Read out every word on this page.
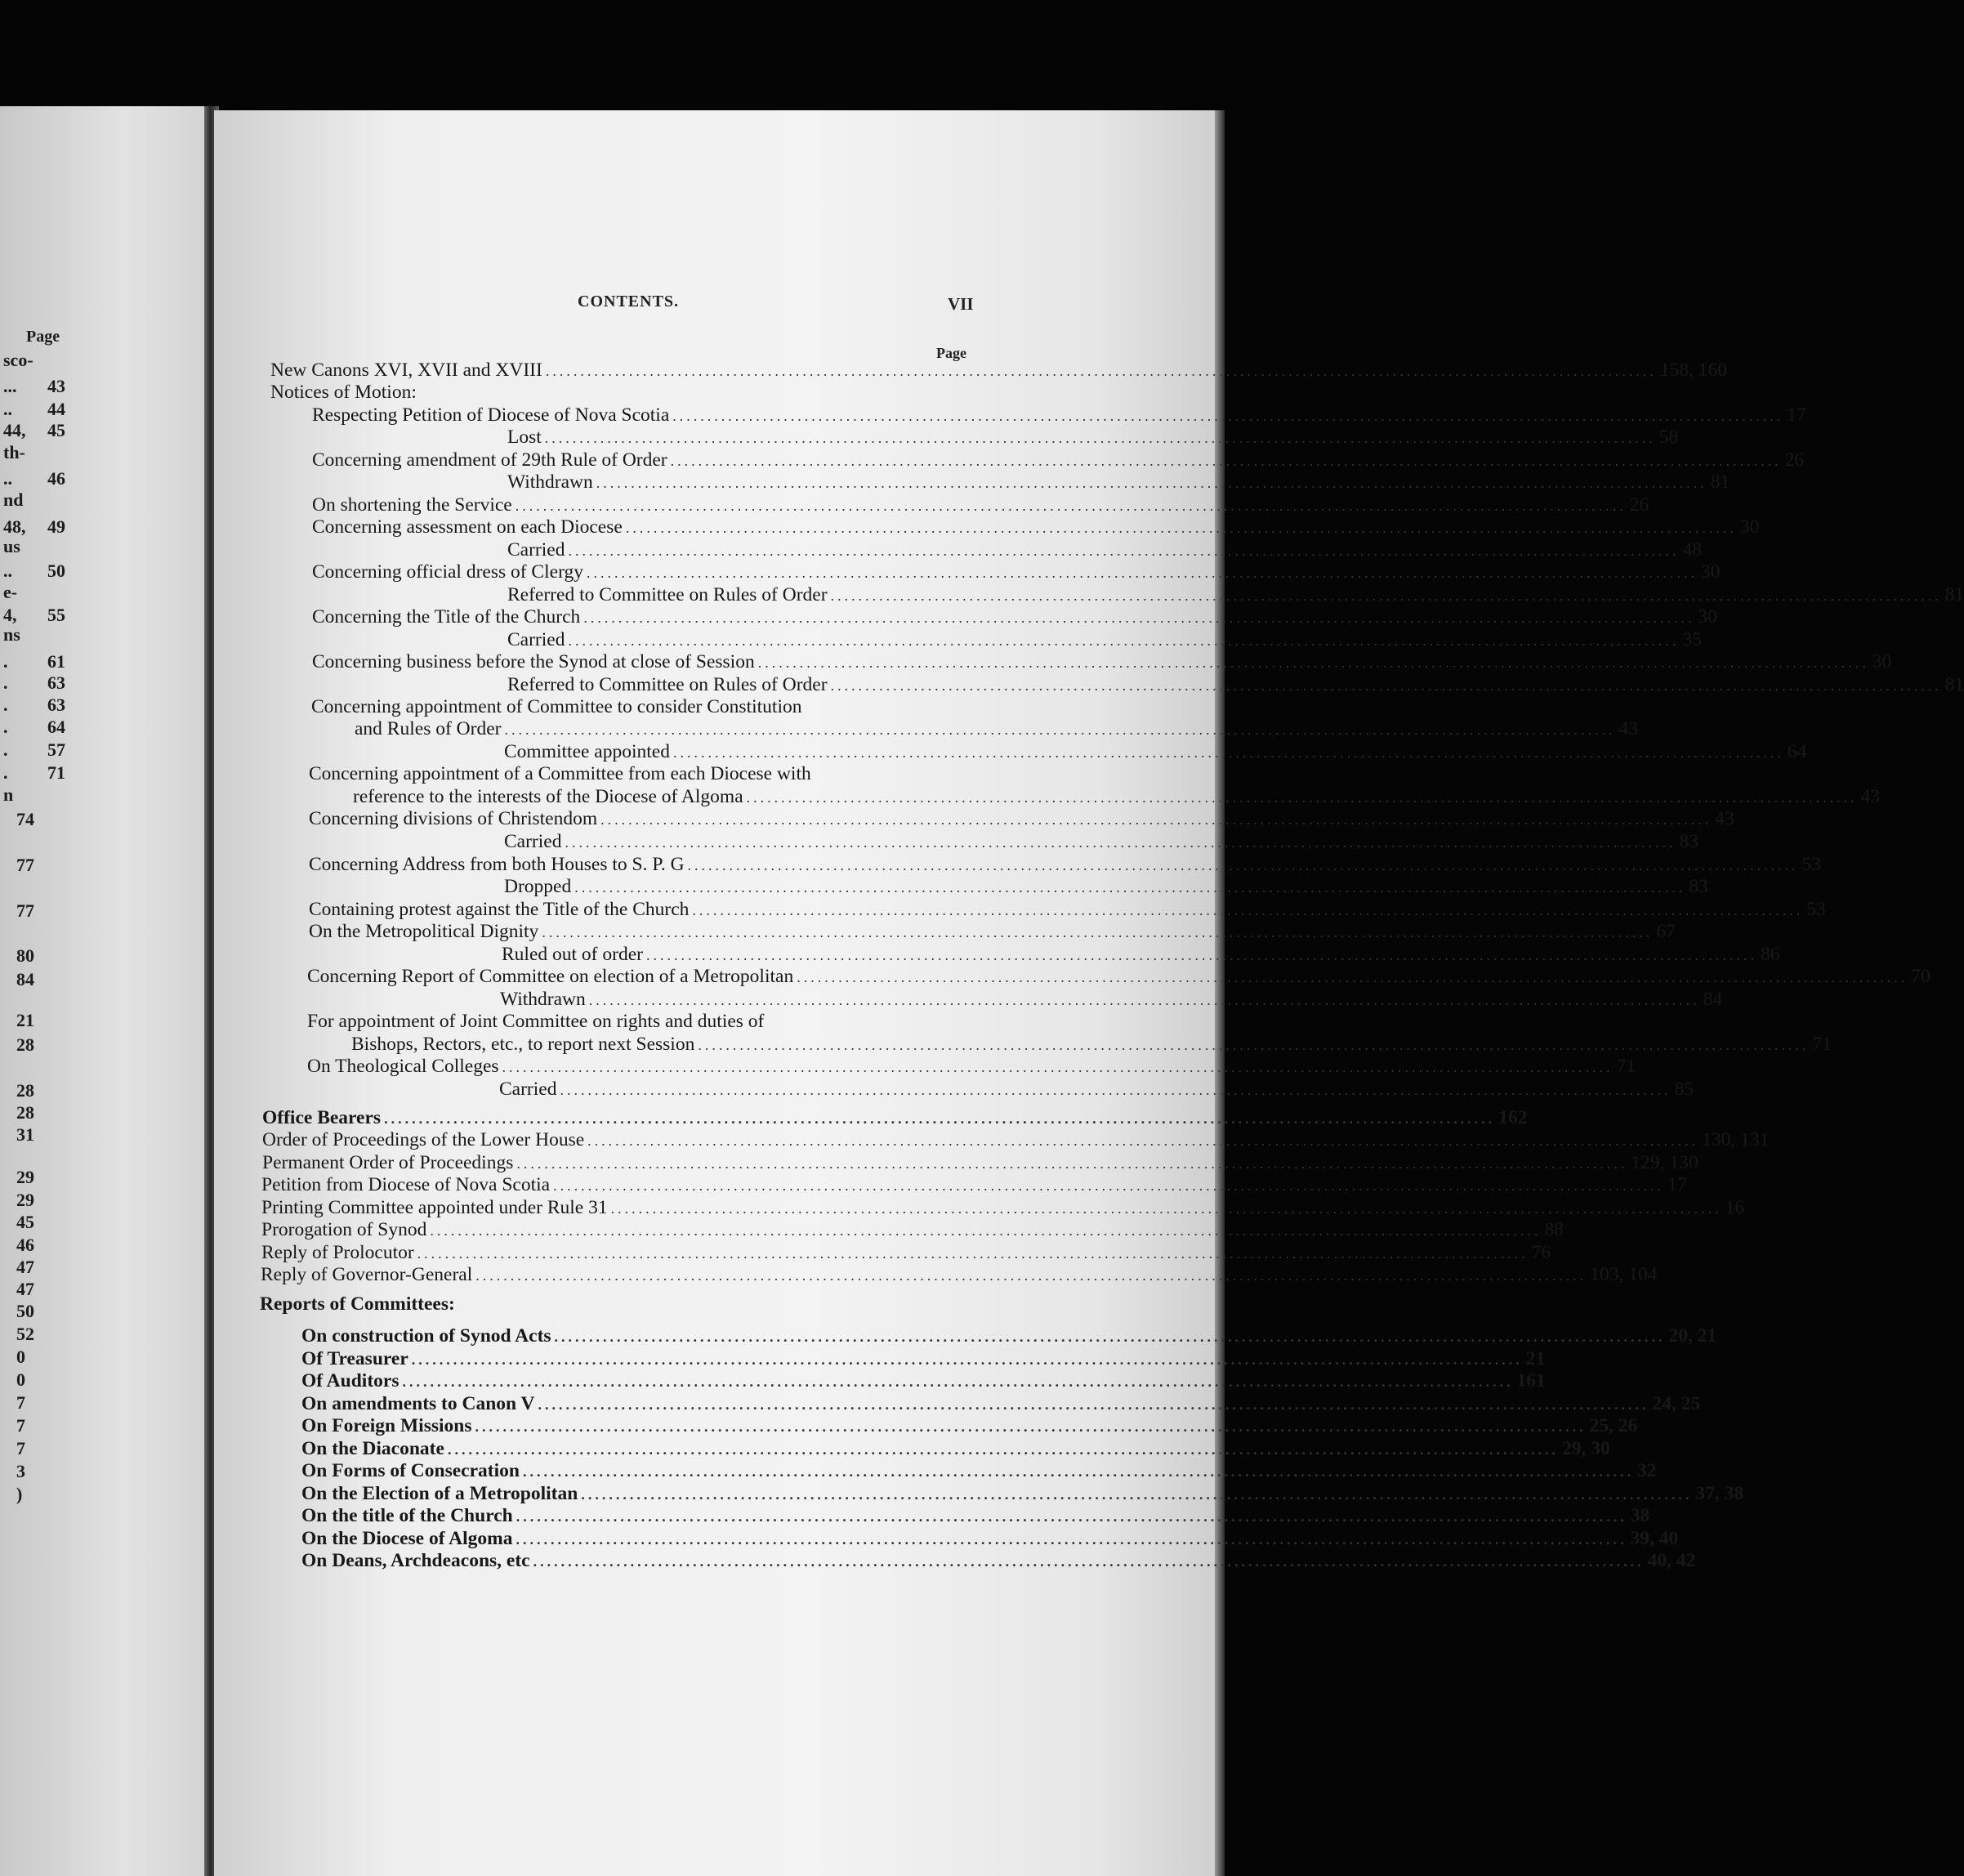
Page
sco-
... 43
.. 44
44, 45
th-
.. 46
nd
48, 49
us
.. 50
e-
4, 55
ns
. 61
. 63
. 63
. 64
. 57
. 71
n
74
77
77
80
84
21
28
28
28
31
29
29
45
46
47
47
50
52
0
0
7
7
7
3
)
CONTENTS.	VII
Page
New Canons XVI, XVII and XVIII ................................................................................................................................................................ 158, 160
Notices of Motion:
Respecting Petition of Diocese of Nova Scotia ................................................................................................................................................................ 17
Lost ................................................................................................................................................................ 58
Concerning amendment of 29th Rule of Order ................................................................................................................................................................ 26
Withdrawn ................................................................................................................................................................ 81
On shortening the Service ................................................................................................................................................................ 26
Concerning assessment on each Diocese ................................................................................................................................................................ 30
Carried ................................................................................................................................................................ 48
Concerning official dress of Clergy ................................................................................................................................................................ 30
Referred to Committee on Rules of Order ................................................................................................................................................................ 81
Concerning the Title of the Church ................................................................................................................................................................ 30
Carried ................................................................................................................................................................ 35
Concerning business before the Synod at close of Session ................................................................................................................................................................ 30
Referred to Committee on Rules of Order ................................................................................................................................................................ 81
Concerning appointment of Committee to consider Constitution
and Rules of Order ................................................................................................................................................................ 43
Committee appointed ................................................................................................................................................................ 64
Concerning appointment of a Committee from each Diocese with
reference to the interests of the Diocese of Algoma ................................................................................................................................................................ 43
Concerning divisions of Christendom ................................................................................................................................................................ 43
Carried ................................................................................................................................................................ 83
Concerning Address from both Houses to S. P. G ................................................................................................................................................................ 53
Dropped ................................................................................................................................................................ 83
Containing protest against the Title of the Church ................................................................................................................................................................ 53
On the Metropolitical Dignity ................................................................................................................................................................ 67
Ruled out of order ................................................................................................................................................................ 86
Concerning Report of Committee on election of a Metropolitan ................................................................................................................................................................ 70
Withdrawn ................................................................................................................................................................ 84
For appointment of Joint Committee on rights and duties of
Bishops, Rectors, etc., to report next Session ................................................................................................................................................................ 71
On Theological Colleges ................................................................................................................................................................ 71
Carried ................................................................................................................................................................ 85
Office Bearers ................................................................................................................................................................ 162
Order of Proceedings of the Lower House ................................................................................................................................................................ 130, 131
Permanent Order of Proceedings ................................................................................................................................................................ 129, 130
Petition from Diocese of Nova Scotia ................................................................................................................................................................ 17
Printing Committee appointed under Rule 31 ................................................................................................................................................................ 16
Prorogation of Synod ................................................................................................................................................................ 88
Reply of Prolocutor ................................................................................................................................................................ 76
Reply of Governor-General ................................................................................................................................................................ 103, 104
Reports of Committees:
On construction of Synod Acts ................................................................................................................................................................ 20, 21
Of Treasurer ................................................................................................................................................................ 21
Of Auditors ................................................................................................................................................................ 161
On amendments to Canon V ................................................................................................................................................................ 24, 25
On Foreign Missions ................................................................................................................................................................ 25, 26
On the Diaconate ................................................................................................................................................................ 29, 30
On Forms of Consecration ................................................................................................................................................................ 32
On the Election of a Metropolitan ................................................................................................................................................................ 37, 38
On the title of the Church ................................................................................................................................................................ 38
On the Diocese of Algoma ................................................................................................................................................................ 39, 40
On Deans, Archdeacons, etc ................................................................................................................................................................ 40, 42
